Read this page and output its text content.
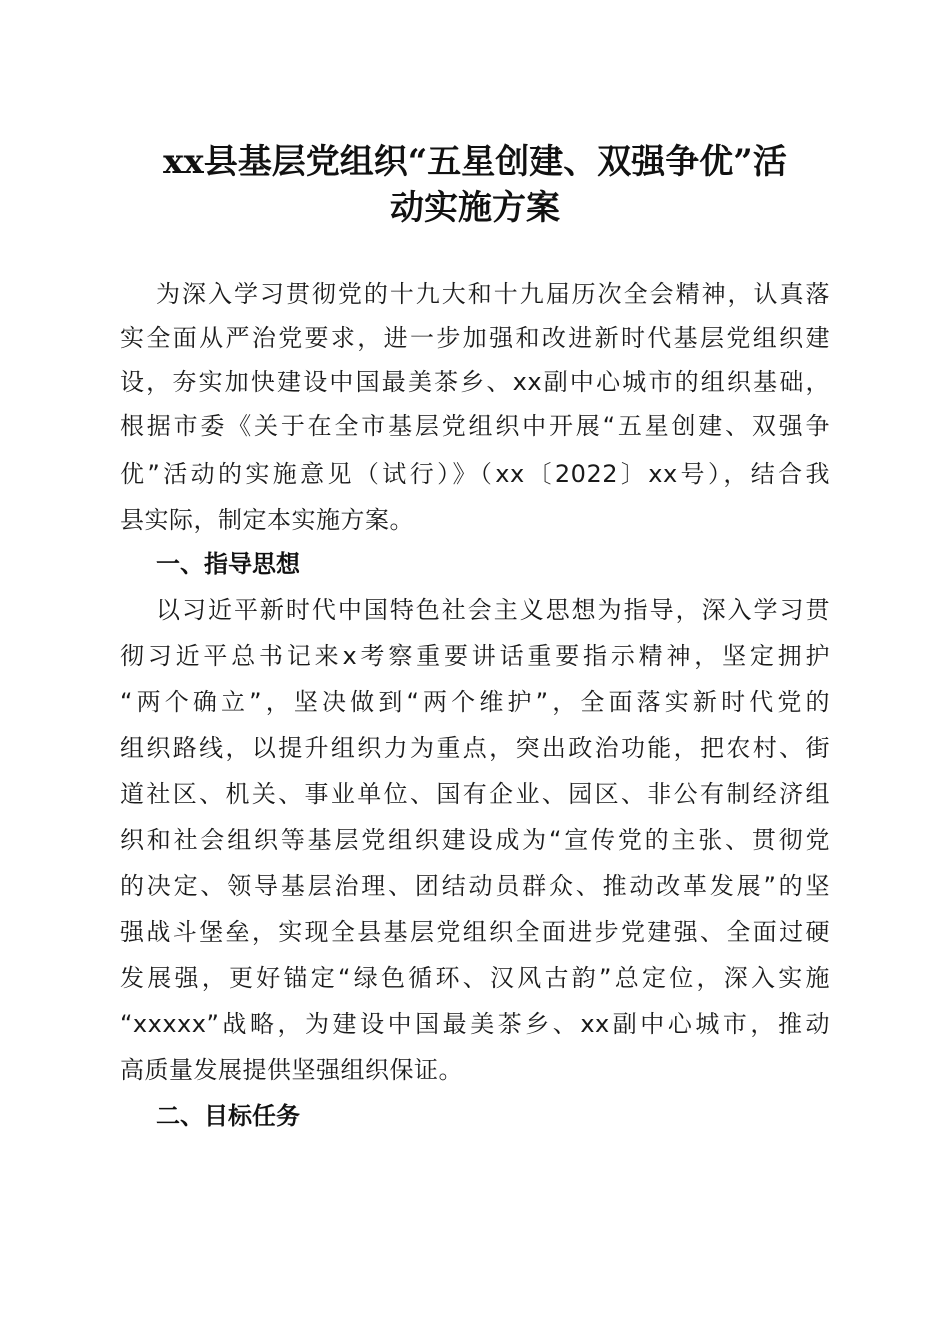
xx县基层党组织“五星创建、双强争优”活
动实施方案
为深入学习贯彻党的十九大和十九届历次全会精神，认真落
实全面从严治党要求，进一步加强和改进新时代基层党组织建
设，夯实加快建设中国最美茶乡、xx副中心城市的组织基础，
根据市委《关于在全市基层党组织中开展“五星创建、双强争
优”活动的实施意见（试行）》（xx〔2022〕xx号），结合我
县实际，制定本实施方案。
一、指导思想
以习近平新时代中国特色社会主义思想为指导，深入学习贯
彻习近平总书记来x考察重要讲话重要指示精神，坚定拥护
“两个确立”，坚决做到“两个维护”，全面落实新时代党的
组织路线，以提升组织力为重点，突出政治功能，把农村、街
道社区、机关、事业单位、国有企业、园区、非公有制经济组
织和社会组织等基层党组织建设成为“宣传党的主张、贯彻党
的决定、领导基层治理、团结动员群众、推动改革发展”的坚
强战斗堡垒，实现全县基层党组织全面进步党建强、全面过硬
发展强，更好锚定“绿色循环、汉风古韵”总定位，深入实施
“xxxxx”战略，为建设中国最美茶乡、xx副中心城市，推动
高质量发展提供坚强组织保证。
二、目标任务
